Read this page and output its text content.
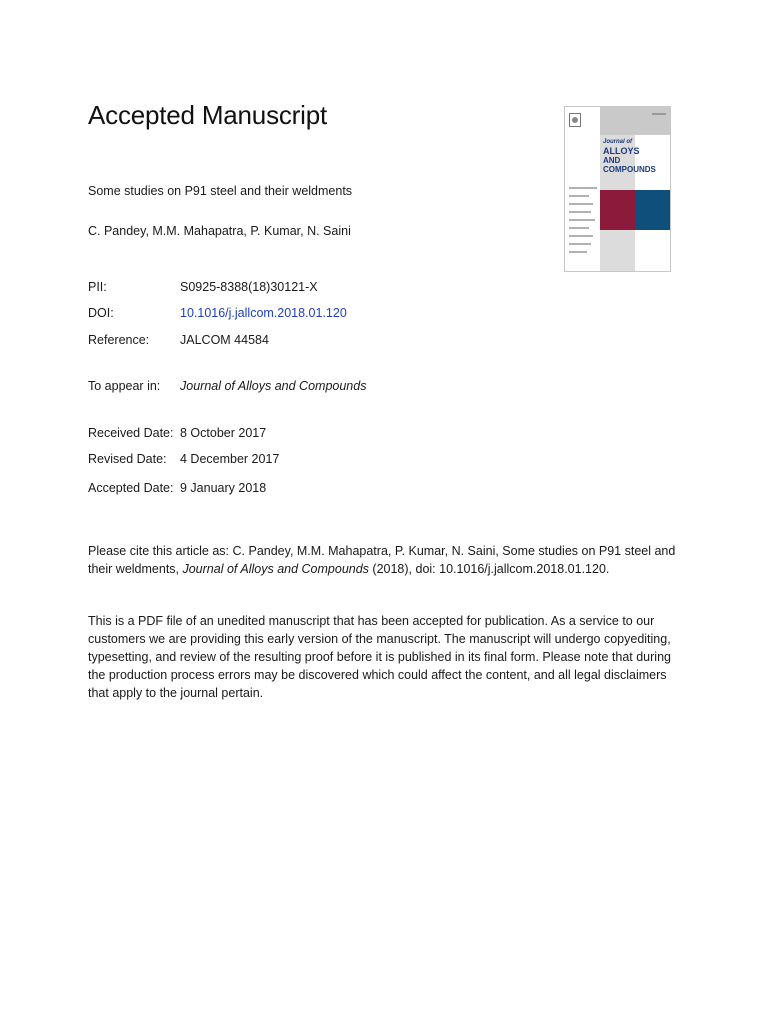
Accepted Manuscript
Journal of
ALLOYS
AND COMPOUNDS
Some studies on P91 steel and their weldments
C. Pandey, M.M. Mahapatra, P. Kumar, N. Saini
PII:	S0925-8388(18)30121-X
DOI:	10.1016/j.jallcom.2018.01.120
Reference: JALCOM 44584
To appear in: Journal of Alloys and Compounds
Received Date: 8 October 2017
Revised Date: 4 December 2017
Accepted Date: 9 January 2018

Please cite this article as: C. Pandey, M.M. Mahapatra, P. Kumar, N. Saini, Some studies on P91 steel and their weldments, Journal of Alloys and Compounds (2018), doi: 10.1016/j.jallcom.2018.01.120.

This is a PDF file of an unedited manuscript that has been accepted for publication. As a service to our customers we are providing this early version of the manuscript. The manuscript will undergo copyediting, typesetting, and review of the resulting proof before it is published in its final form. Please note that during the production process errors may be discovered which could affect the content, and all legal disclaimers that apply to the journal pertain.
